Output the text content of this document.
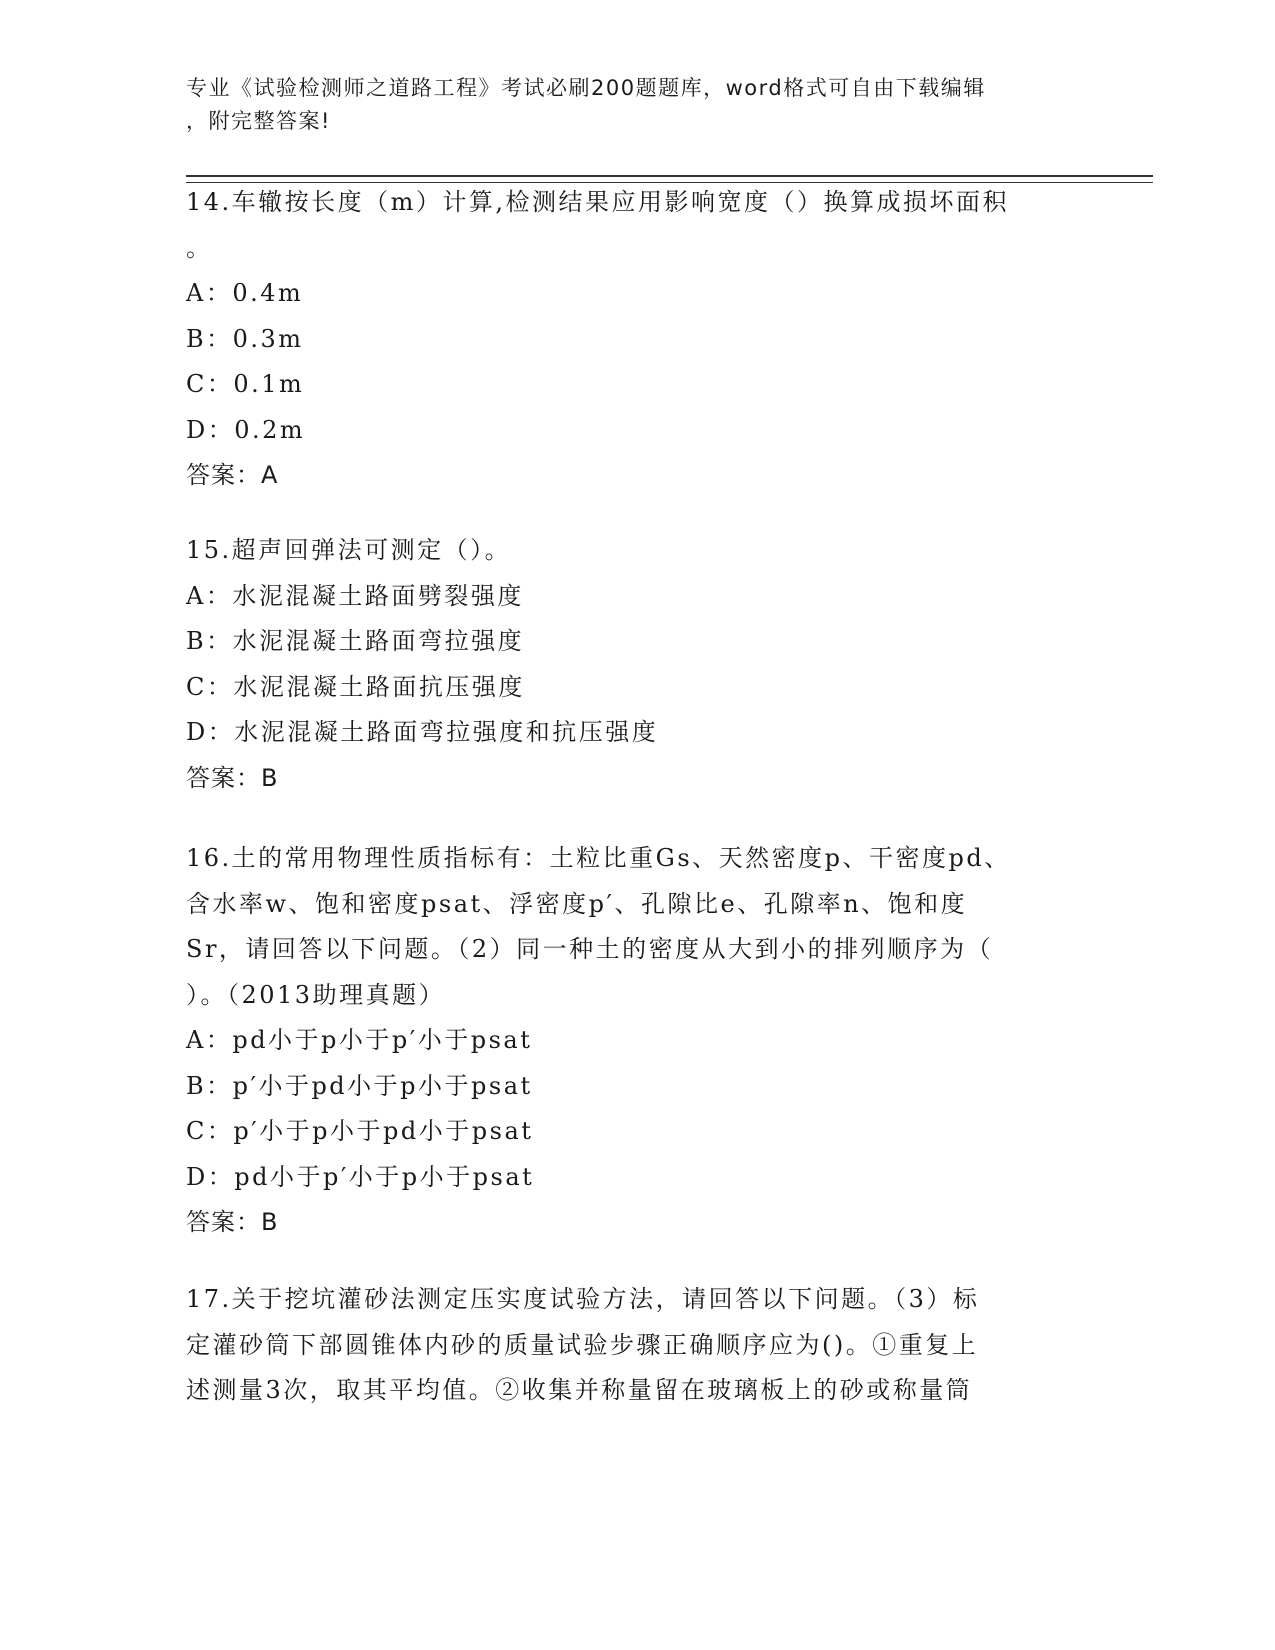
专业《试验检测师之道路工程》考试必刷200题题库，word格式可自由下载编辑
，附完整答案!
14.车辙按长度（m）计算,检测结果应用影响宽度（）换算成损坏面积
。
A：0.4m
B：0.3m
C：0.1m
D：0.2m
答案：A
15.超声回弹法可测定（）。
A：水泥混凝土路面劈裂强度
B：水泥混凝土路面弯拉强度
C：水泥混凝土路面抗压强度
D：水泥混凝土路面弯拉强度和抗压强度
答案：B
16.土的常用物理性质指标有：土粒比重Gs、天然密度p、干密度pd、
含水率w、饱和密度psat、浮密度p′、孔隙比e、孔隙率n、饱和度
Sr，请回答以下问题。（2）同一种土的密度从大到小的排列顺序为（
）。（2013助理真题）
A：pd小于p小于p′小于psat
B：p′小于pd小于p小于psat
C：p′小于p小于pd小于psat
D：pd小于p′小于p小于psat
答案：B
17.关于挖坑灌砂法测定压实度试验方法，请回答以下问题。（3）标
定灌砂筒下部圆锥体内砂的质量试验步骤正确顺序应为()。①重复上
述测量3次，取其平均值。②收集并称量留在玻璃板上的砂或称量筒
